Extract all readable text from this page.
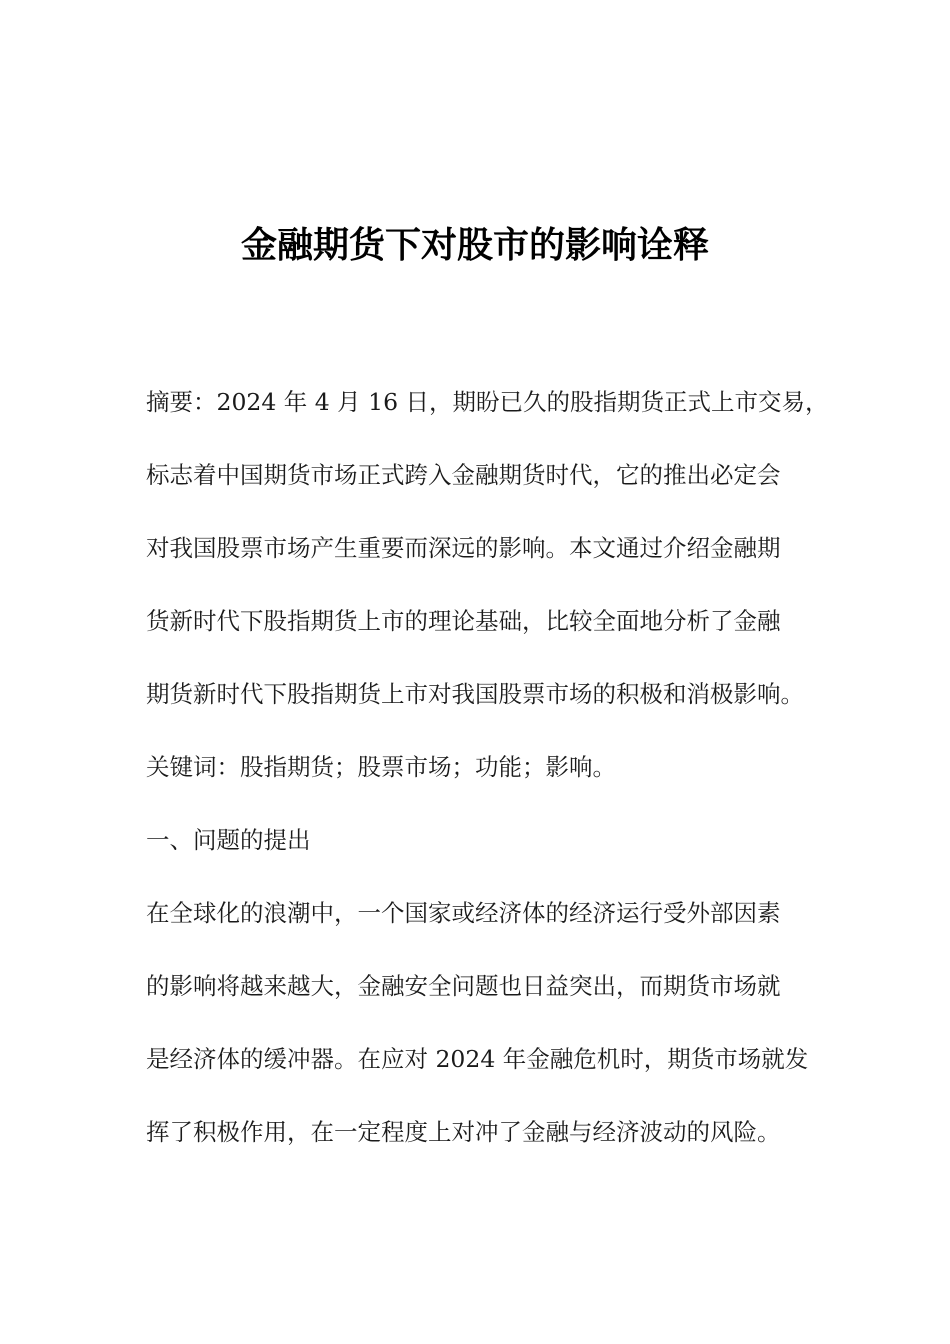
金融期货下对股市的影响诠释
摘要：2024 年 4 月 16 日，期盼已久的股指期货正式上市交易，
标志着中国期货市场正式跨入金融期货时代，它的推出必定会
对我国股票市场产生重要而深远的影响。本文通过介绍金融期
货新时代下股指期货上市的理论基础，比较全面地分析了金融
期货新时代下股指期货上市对我国股票市场的积极和消极影响。
关键词：股指期货；股票市场；功能；影响。
一、问题的提出
在全球化的浪潮中，一个国家或经济体的经济运行受外部因素
的影响将越来越大，金融安全问题也日益突出，而期货市场就
是经济体的缓冲器。在应对 2024 年金融危机时，期货市场就发
挥了积极作用，在一定程度上对冲了金融与经济波动的风险。
